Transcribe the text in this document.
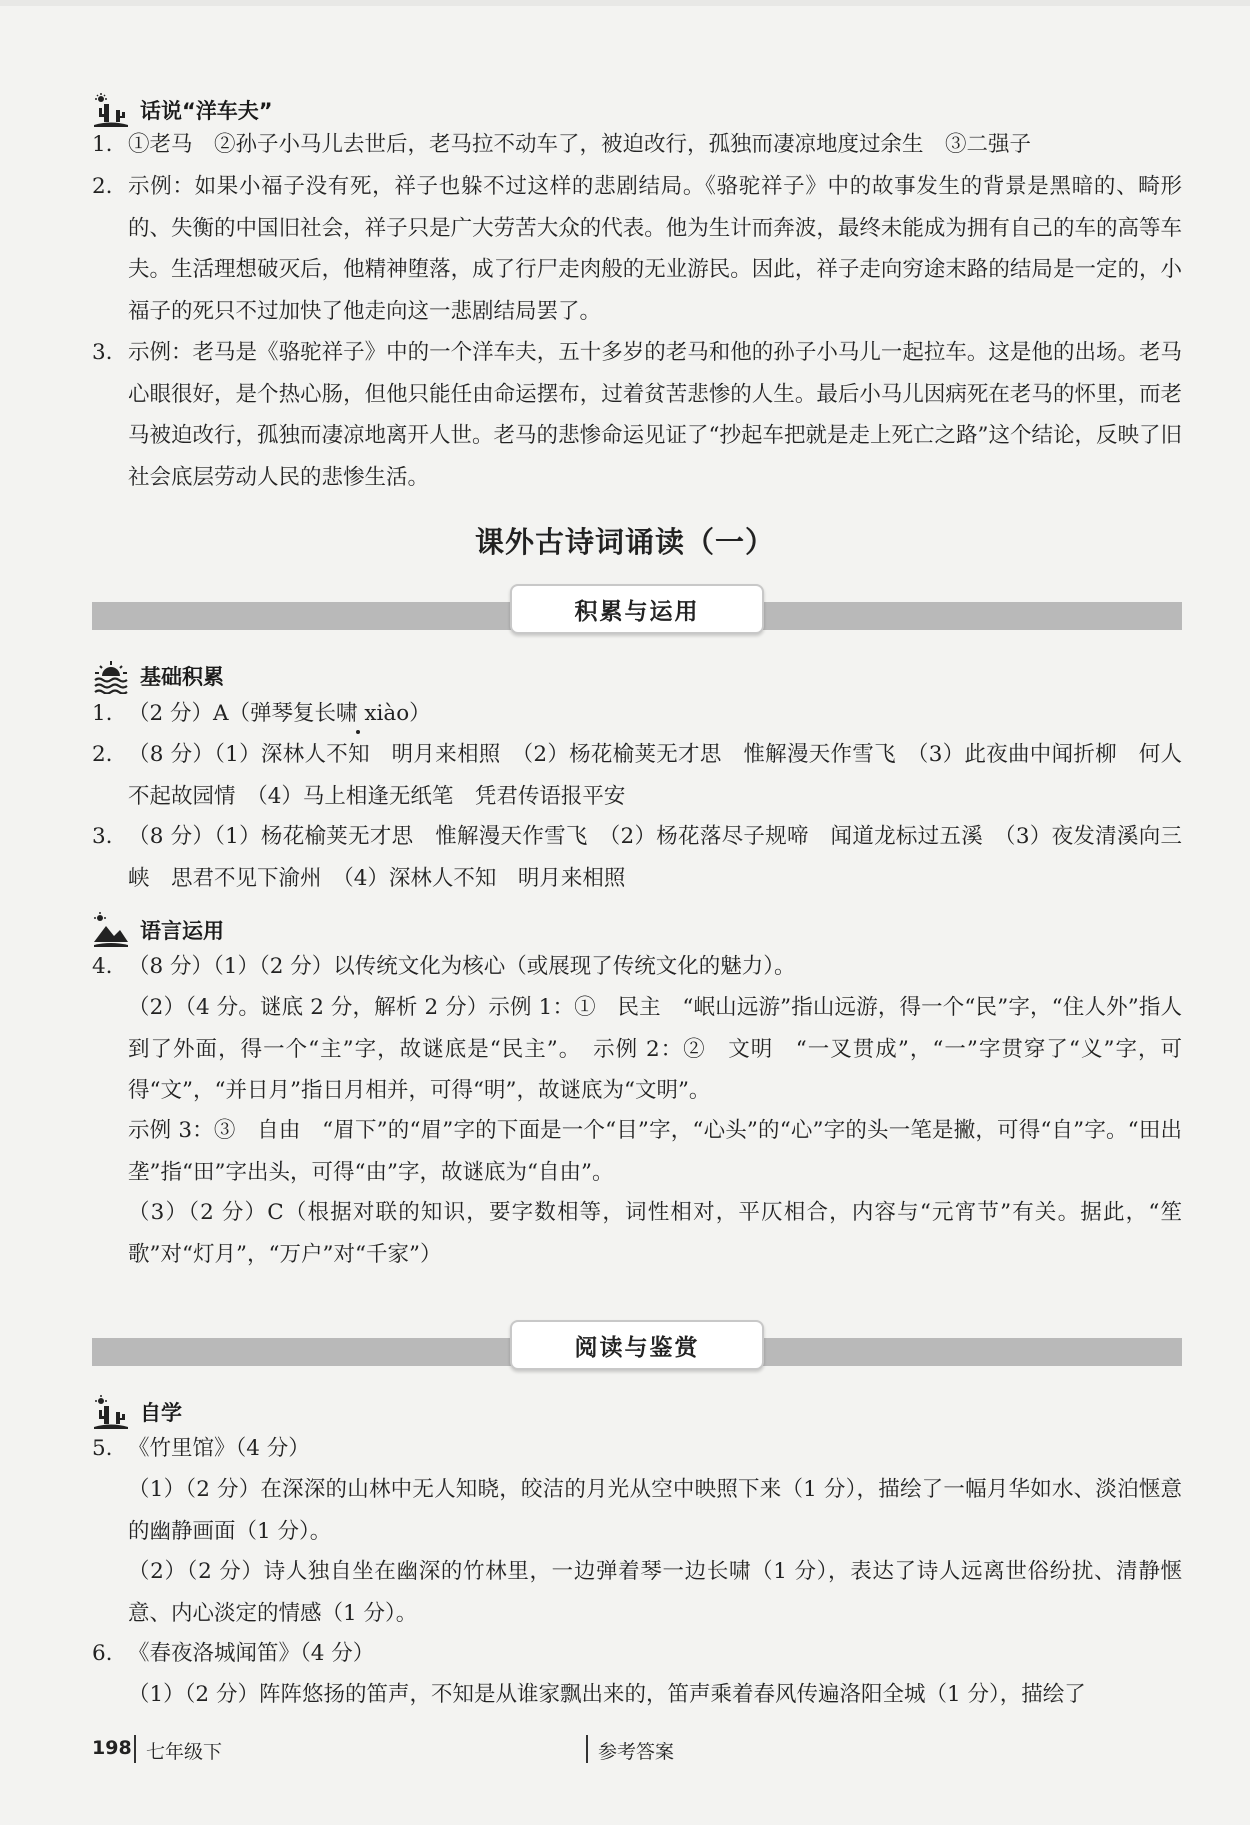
话说“洋车夫”
1. ①老马　②孙子小马儿去世后，老马拉不动车了，被迫改行，孤独而凄凉地度过余生　③二强子
2. 示例：如果小福子没有死，祥子也躲不过这样的悲剧结局。《骆驼祥子》中的故事发生的背景是黑暗的、畸形的、失衡的中国旧社会，祥子只是广大劳苦大众的代表。他为生计而奔波，最终未能成为拥有自己的车的高等车夫。生活理想破灭后，他精神堕落，成了行尸走肉般的无业游民。因此，祥子走向穷途末路的结局是一定的，小福子的死只不过加快了他走向这一悲剧结局罢了。
3. 示例：老马是《骆驼祥子》中的一个洋车夫，五十多岁的老马和他的孙子小马儿一起拉车。这是他的出场。老马心眼很好，是个热心肠，但他只能任由命运摆布，过着贫苦悲惨的人生。最后小马儿因病死在老马的怀里，而老马被迫改行，孤独而凄凉地离开人世。老马的悲惨命运见证了“抄起车把就是走上死亡之路”这个结论，反映了旧社会底层劳动人民的悲惨生活。
课外古诗词诵读（一）
积累与运用
基础积累
1. （2 分）A（弹琴复长啸 xiào）
2. （8 分）（1）深林人不知　明月来相照　（2）杨花榆荚无才思　惟解漫天作雪飞　（3）此夜曲中闻折柳　何人不起故园情　（4）马上相逢无纸笔　凭君传语报平安
3. （8 分）（1）杨花榆荚无才思　惟解漫天作雪飞　（2）杨花落尽子规啼　闻道龙标过五溪　（3）夜发清溪向三峡　思君不见下渝州　（4）深林人不知　明月来相照
语言运用
4. （8 分）（1）（2 分）以传统文化为核心（或展现了传统文化的魅力）。
（2）（4 分。谜底 2 分，解析 2 分）示例 1：①　民主　“岷山远游”指山远游，得一个“民”字，“住人外”指人到了外面，得一个“主”字，故谜底是“民主”。　示例 2：②　文明　“一叉贯成”，“一”字贯穿了“义”字，可得“文”，“并日月”指日月相并，可得“明”，故谜底为“文明”。
示例 3：③　自由　“眉下”的“眉”字的下面是一个“目”字，“心头”的“心”字的头一笔是撇，可得“自”字。“田出垄”指“田”字出头，可得“由”字，故谜底为“自由”。
（3）（2 分）C（根据对联的知识，要字数相等，词性相对，平仄相合，内容与“元宵节”有关。据此，“笙歌”对“灯月”，“万户”对“千家”）
阅读与鉴赏
自学
5. 《竹里馆》（4 分）
（1）（2 分）在深深的山林中无人知晓，皎洁的月光从空中映照下来（1 分），描绘了一幅月华如水、淡泊惬意的幽静画面（1 分）。
（2）（2 分）诗人独自坐在幽深的竹林里，一边弹着琴一边长啸（1 分），表达了诗人远离世俗纷扰、清静惬意、内心淡定的情感（1 分）。
6. 《春夜洛城闻笛》（4 分）
（1）（2 分）阵阵悠扬的笛声，不知是从谁家飘出来的，笛声乘着春风传遍洛阳全城（1 分），描绘了
198 七年级下	参考答案
